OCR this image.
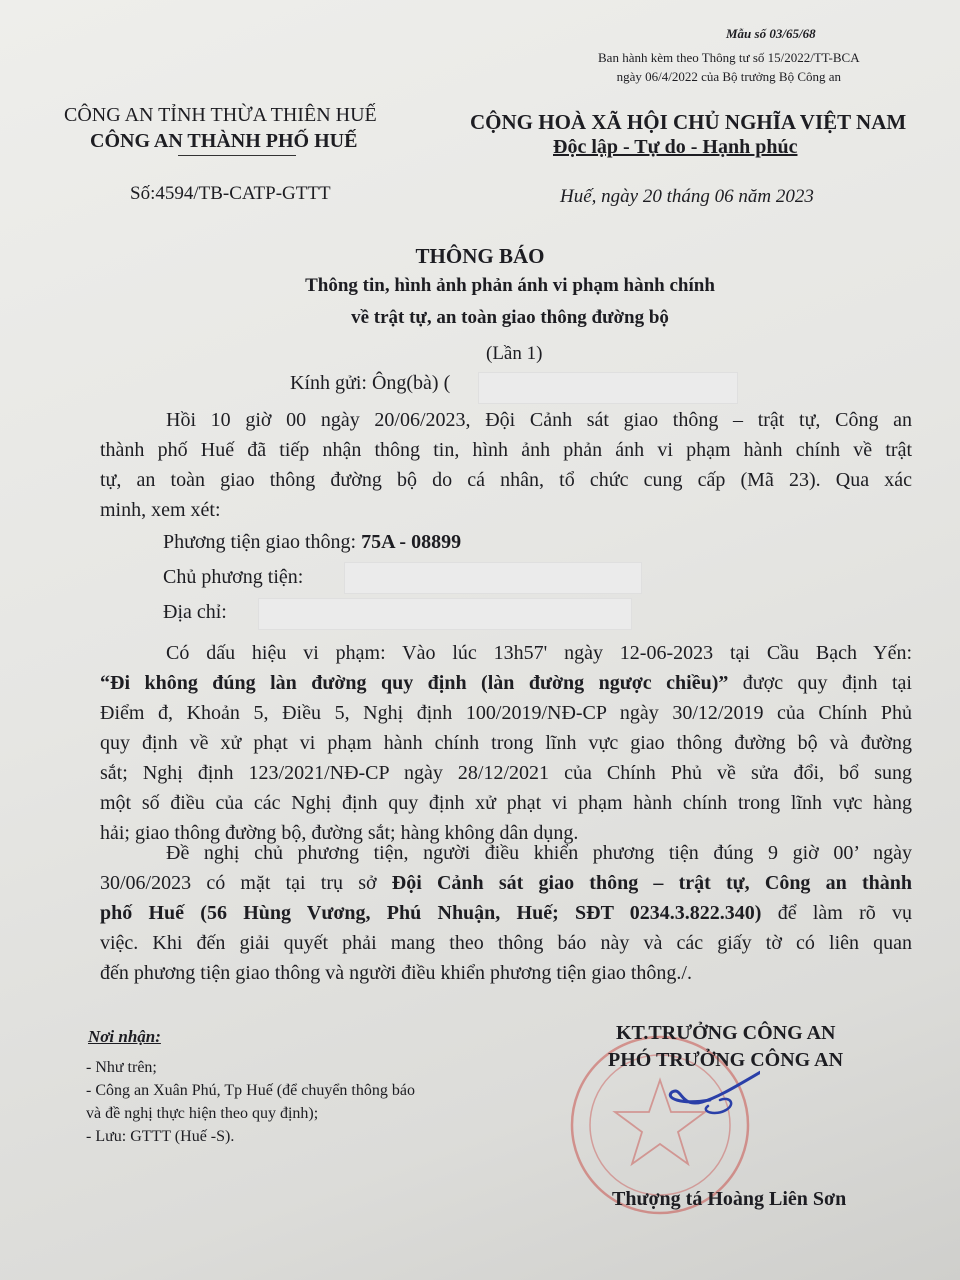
Mẫu số 03/65/68
Ban hành kèm theo Thông tư số 15/2022/TT-BCA
ngày 06/4/2022 của Bộ trưởng Bộ Công an
CÔNG AN TỈNH THỪA THIÊN HUẾ
CÔNG AN THÀNH PHỐ HUẾ
CỘNG HOÀ XÃ HỘI CHỦ NGHĨA VIỆT NAM
Độc lập - Tự do - Hạnh phúc
Số:4594/TB-CATP-GTTT	Huế, ngày 20 tháng 06 năm 2023
THÔNG BÁO
Thông tin, hình ảnh phản ánh vi phạm hành chính
về trật tự, an toàn giao thông đường bộ
(Lần 1)
Kính gửi: Ông(bà) (
Hồi 10 giờ 00 ngày 20/06/2023, Đội Cảnh sát giao thông – trật tự, Công an
thành phố Huế đã tiếp nhận thông tin, hình ảnh phản ánh vi phạm hành chính về trật
tự, an toàn giao thông đường bộ do cá nhân, tổ chức cung cấp (Mã 23). Qua xác
minh, xem xét:
Phương tiện giao thông: 75A - 08899
Chủ phương tiện:
Địa chỉ:
Có dấu hiệu vi phạm: Vào lúc 13h57' ngày 12-06-2023 tại Cầu Bạch Yến:
“Đi không đúng làn đường quy định (làn đường ngược chiều)” được quy định tại
Điểm đ, Khoản 5, Điều 5, Nghị định 100/2019/NĐ-CP ngày 30/12/2019 của Chính Phủ
quy định về xử phạt vi phạm hành chính trong lĩnh vực giao thông đường bộ và đường
sắt; Nghị định 123/2021/NĐ-CP ngày 28/12/2021 của Chính Phủ về sửa đổi, bổ sung
một số điều của các Nghị định quy định xử phạt vi phạm hành chính trong lĩnh vực hàng
hải; giao thông đường bộ, đường sắt; hàng không dân dụng.
Đề nghị chủ phương tiện, người điều khiển phương tiện đúng 9 giờ 00’ ngày
30/06/2023 có mặt tại trụ sở Đội Cảnh sát giao thông – trật tự, Công an thành
phố Huế (56 Hùng Vương, Phú Nhuận, Huế; SĐT 0234.3.822.340) để làm rõ vụ
việc. Khi đến giải quyết phải mang theo thông báo này và các giấy tờ có liên quan
đến phương tiện giao thông và người điều khiển phương tiện giao thông./.
Nơi nhận:
- Như trên;
- Công an Xuân Phú, Tp Huế (để chuyển thông báo
và đề nghị thực hiện theo quy định);
- Lưu: GTTT (Huế -S).
KT.TRƯỞNG CÔNG AN
PHÓ TRƯỞNG CÔNG AN
Thượng tá Hoàng Liên Sơn
